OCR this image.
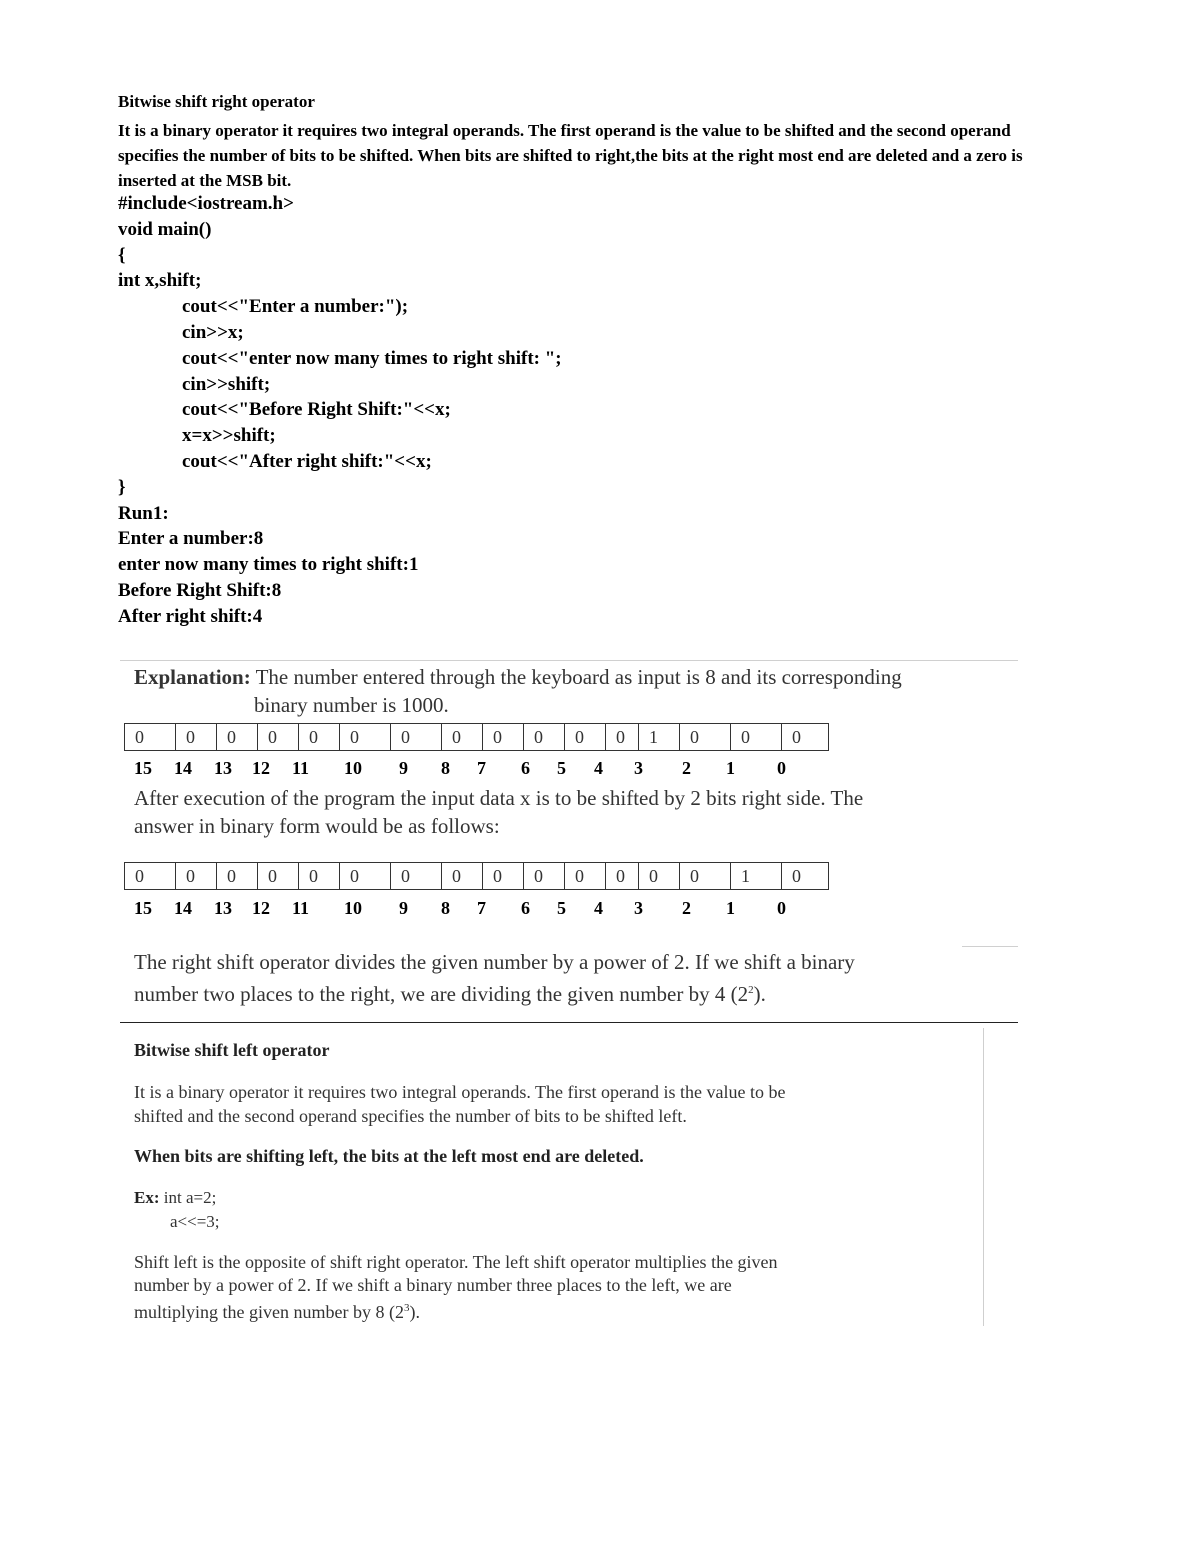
Bitwise shift right operator
It is a binary operator it requires two integral operands. The first operand is the value to be shifted and the second operand specifies the number of bits to be shifted. When bits are shifted to right,the bits at the right most end are deleted and a zero is inserted at the MSB bit.
#include<iostream.h>
void main()
{
int x,shift;
cout<<"Enter a number:");
cin>>x;
cout<<"enter now many times to right shift: ";
cin>>shift;
cout<<"Before Right Shift:"<<x;
x=x>>shift;
cout<<"After right shift:"<<x;
}
Run1:
Enter a number:8
enter now many times to right shift:1
Before Right Shift:8
After right shift:4
Explanation: The number entered through the keyboard as input is 8 and its corresponding
binary number is 1000.
0	0	0	0	0	0	0	0	0	0	0	0	1	0	0	0
15 14 13 12 11 10 9 8 7 6 5 4 3 2 1 0
After execution of the program the input data x is to be shifted by 2 bits right side. The
answer in binary form would be as follows:
0	0	0	0	0	0	0	0	0	0	0	0	0	0	1	0
15 14 13 12 11 10 9 8 7 6 5 4 3 2 1 0
The right shift operator divides the given number by a power of 2. If we shift a binary
number two places to the right, we are dividing the given number by 4 $(2^2)$.
Bitwise shift left operator
It is a binary operator it requires two integral operands. The first operand is the value to be
shifted and the second operand specifies the number of bits to be shifted left.
When bits are shifting left, the bits at the left most end are deleted.
Ex: int a=2;
a<<=3;
Shift left is the opposite of shift right operator. The left shift operator multiplies the given
number by a power of 2. If we shift a binary number three places to the left, we are
multiplying the given number by 8 $(2^3)$.
